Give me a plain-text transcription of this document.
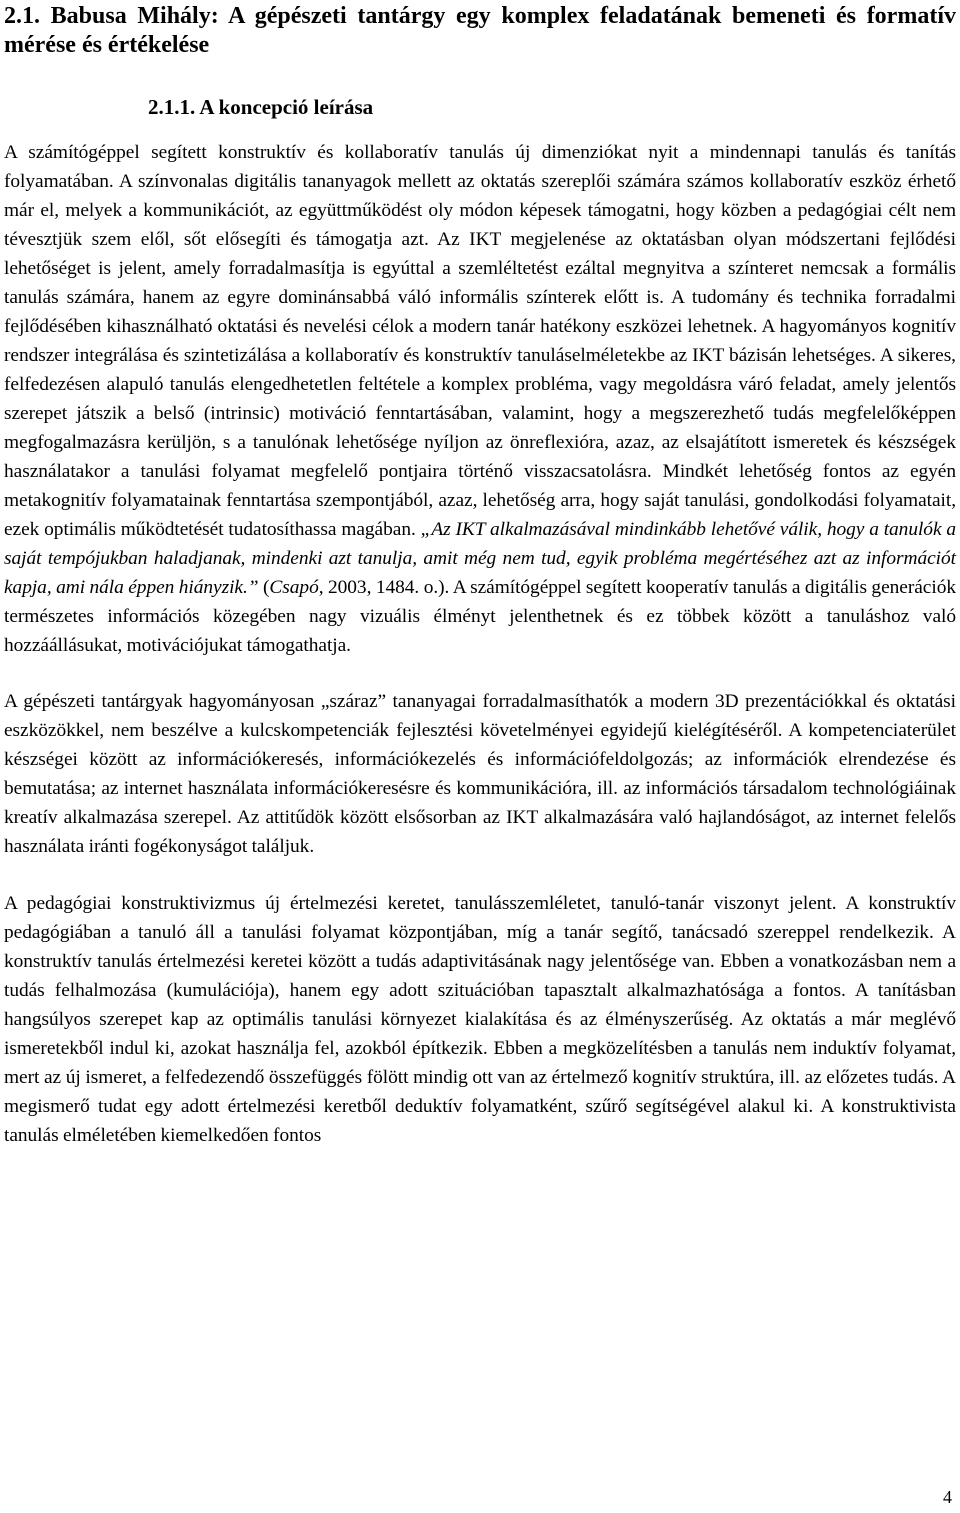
2.1. Babusa Mihály: A gépészeti tantárgy egy komplex feladatának bemeneti és formatív mérése és értékelése
2.1.1. A koncepció leírása

A számítógéppel segített konstruktív és kollaboratív tanulás új dimenziókat nyit a mindennapi tanulás és tanítás folyamatában. A színvonalas digitális tananyagok mellett az oktatás szereplői számára számos kollaboratív eszköz érhető már el, melyek a kommunikációt, az együttműködést oly módon képesek támogatni, hogy közben a pedagógiai célt nem tévesztjük szem elől, sőt elősegíti és támogatja azt. Az IKT megjelenése az oktatásban olyan módszertani fejlődési lehetőséget is jelent, amely forradalmasítja is egyúttal a szemléltetést ezáltal megnyitva a színteret nemcsak a formális tanulás számára, hanem az egyre dominánsabbá váló informális színterek előtt is. A tudomány és technika forradalmi fejlődésében kihasználható oktatási és nevelési célok a modern tanár hatékony eszközei lehetnek. A hagyományos kognitív rendszer integrálása és szintetizálása a kollaboratív és konstruktív tanuláselméletekbe az IKT bázisán lehetséges. A sikeres, felfedezésen alapuló tanulás elengedhetetlen feltétele a komplex probléma, vagy megoldásra váró feladat, amely jelentős szerepet játszik a belső (intrinsic) motiváció fenntartásában, valamint, hogy a megszerezhető tudás megfelelőképpen megfogalmazásra kerüljön, s a tanulónak lehetősége nyíljon az önreflexióra, azaz, az elsajátított ismeretek és készségek használatakor a tanulási folyamat megfelelő pontjaira történő visszacsatolásra. Mindkét lehetőség fontos az egyén metakognitív folyamatainak fenntartása szempontjából, azaz, lehetőség arra, hogy saját tanulási, gondolkodási folyamatait, ezek optimális működtetését tudatosíthassa magában. „Az IKT alkalmazásával mindinkább lehetővé válik, hogy a tanulók a saját tempójukban haladjanak, mindenki azt tanulja, amit még nem tud, egyik probléma megértéséhez azt az információt kapja, ami nála éppen hiányzik.” (Csapó, 2003, 1484. o.). A számítógéppel segített kooperatív tanulás a digitális generációk természetes információs közegében nagy vizuális élményt jelenthetnek és ez többek között a tanuláshoz való hozzáállásukat, motivációjukat támogathatja.

A gépészeti tantárgyak hagyományosan „száraz” tananyagai forradalmasíthatók a modern 3D prezentációkkal és oktatási eszközökkel, nem beszélve a kulcskompetenciák fejlesztési követelményei egyidejű kielégítéséről. A kompetenciaterület készségei között az információkeresés, információkezelés és információfeldolgozás; az információk elrendezése és bemutatása; az internet használata információkeresésre és kommunikációra, ill. az információs társadalom technológiáinak kreatív alkalmazása szerepel. Az attitűdök között elsősorban az IKT alkalmazására való hajlandóságot, az internet felelős használata iránti fogékonyságot találjuk.

A pedagógiai konstruktivizmus új értelmezési keretet, tanulásszemléletet, tanuló-tanár viszonyt jelent. A konstruktív pedagógiában a tanuló áll a tanulási folyamat központjában, míg a tanár segítő, tanácsadó szereppel rendelkezik. A konstruktív tanulás értelmezési keretei között a tudás adaptivitásának nagy jelentősége van. Ebben a vonatkozásban nem a tudás felhalmozása (kumulációja), hanem egy adott szituációban tapasztalt alkalmazhatósága a fontos. A tanításban hangsúlyos szerepet kap az optimális tanulási környezet kialakítása és az élményszerűség. Az oktatás a már meglévő ismeretekből indul ki, azokat használja fel, azokból építkezik. Ebben a megközelítésben a tanulás nem induktív folyamat, mert az új ismeret, a felfedezendő összefüggés fölött mindig ott van az értelmező kognitív struktúra, ill. az előzetes tudás. A megismerő tudat egy adott értelmezési keretből deduktív folyamatként, szűrő segítségével alakul ki. A konstruktivista tanulás elméletében kiemelkedően fontos

4
